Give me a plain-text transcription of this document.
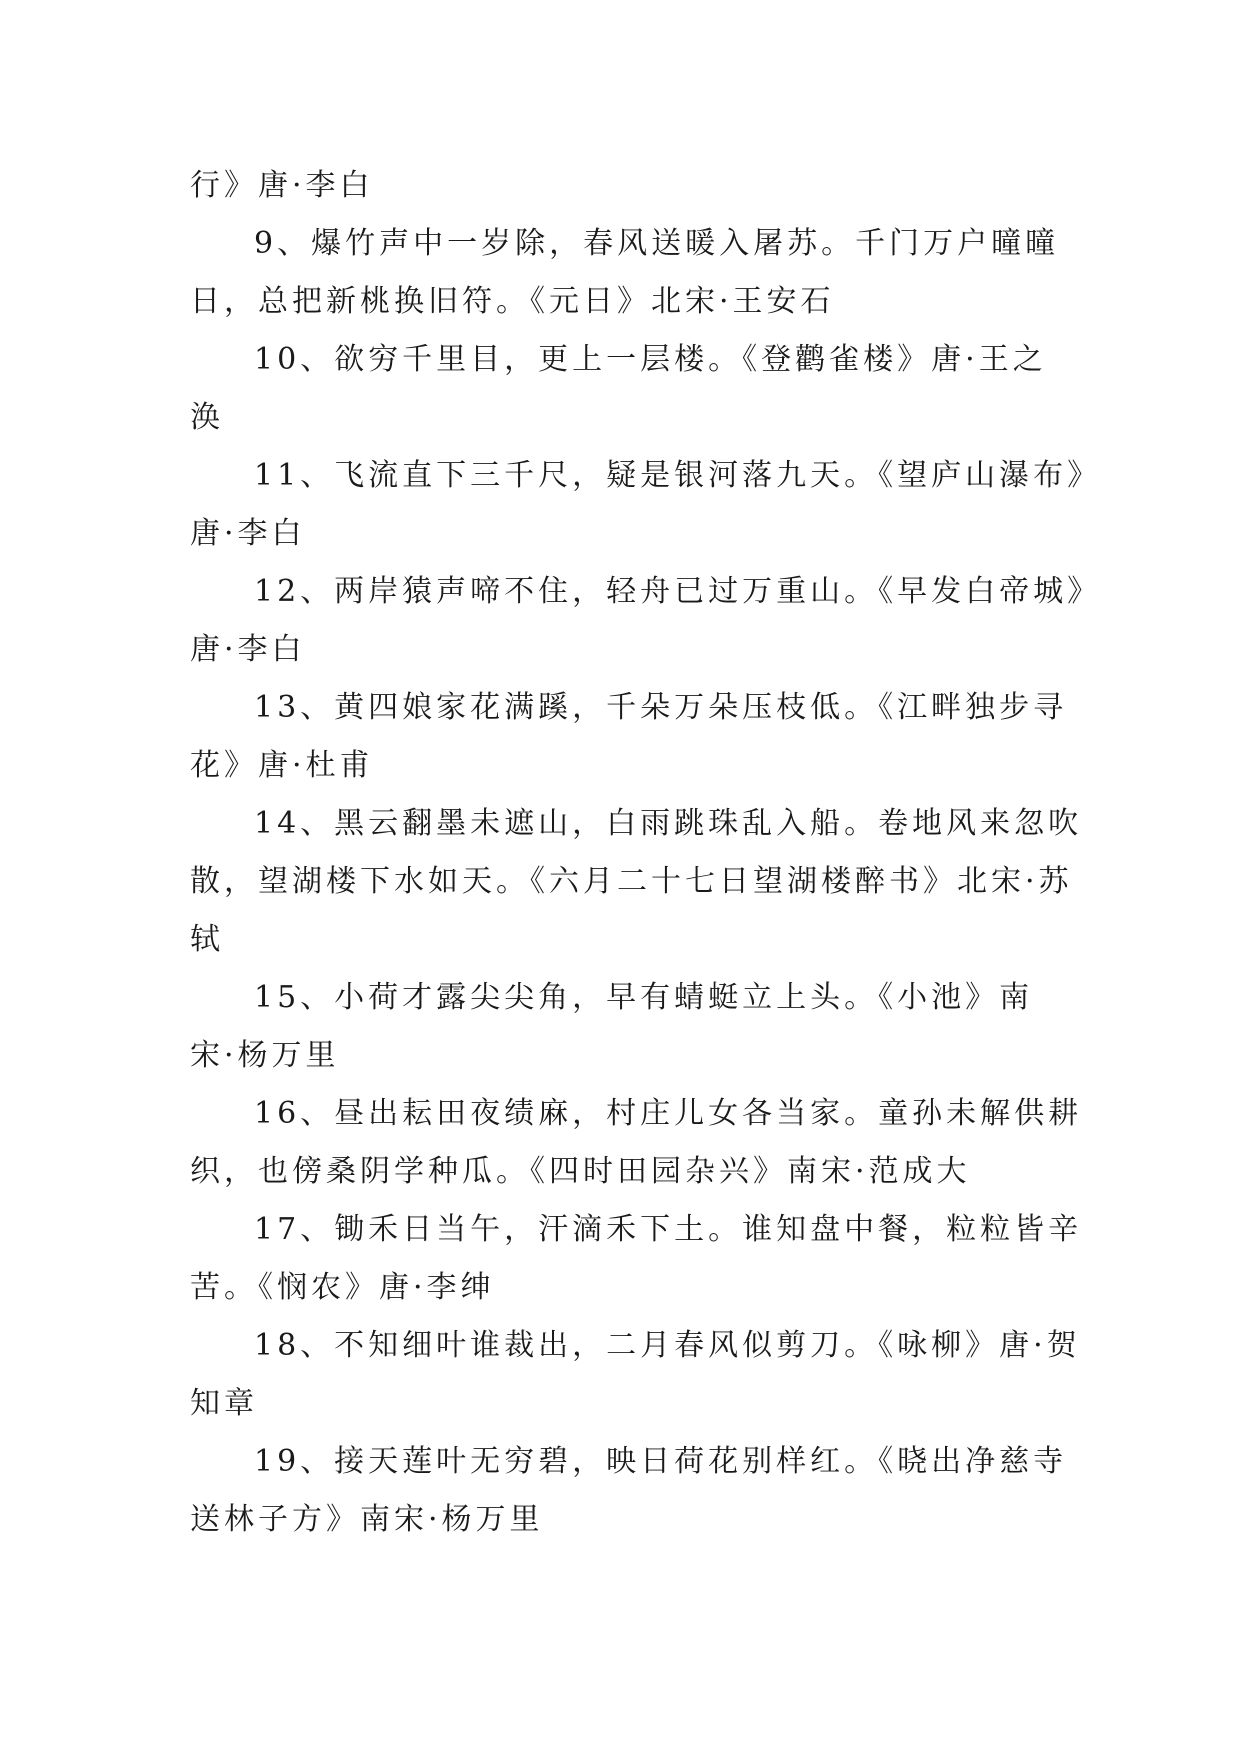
行》唐·李白
9、爆竹声中一岁除，春风送暖入屠苏。千门万户曈曈
日，总把新桃换旧符。《元日》北宋·王安石
10、欲穷千里目，更上一层楼。《登鹳雀楼》唐·王之
涣
11、飞流直下三千尺，疑是银河落九天。《望庐山瀑布》
唐·李白
12、两岸猿声啼不住，轻舟已过万重山。《早发白帝城》
唐·李白
13、黄四娘家花满蹊，千朵万朵压枝低。《江畔独步寻
花》唐·杜甫
14、黑云翻墨未遮山，白雨跳珠乱入船。卷地风来忽吹
散，望湖楼下水如天。《六月二十七日望湖楼醉书》北宋·苏
轼
15、小荷才露尖尖角，早有蜻蜓立上头。《小池》南
宋·杨万里
16、昼出耘田夜绩麻，村庄儿女各当家。童孙未解供耕
织，也傍桑阴学种瓜。《四时田园杂兴》南宋·范成大
17、锄禾日当午，汗滴禾下土。谁知盘中餐，粒粒皆辛
苦。《悯农》唐·李绅
18、不知细叶谁裁出，二月春风似剪刀。《咏柳》唐·贺
知章
19、接天莲叶无穷碧，映日荷花别样红。《晓出净慈寺
送林子方》南宋·杨万里
